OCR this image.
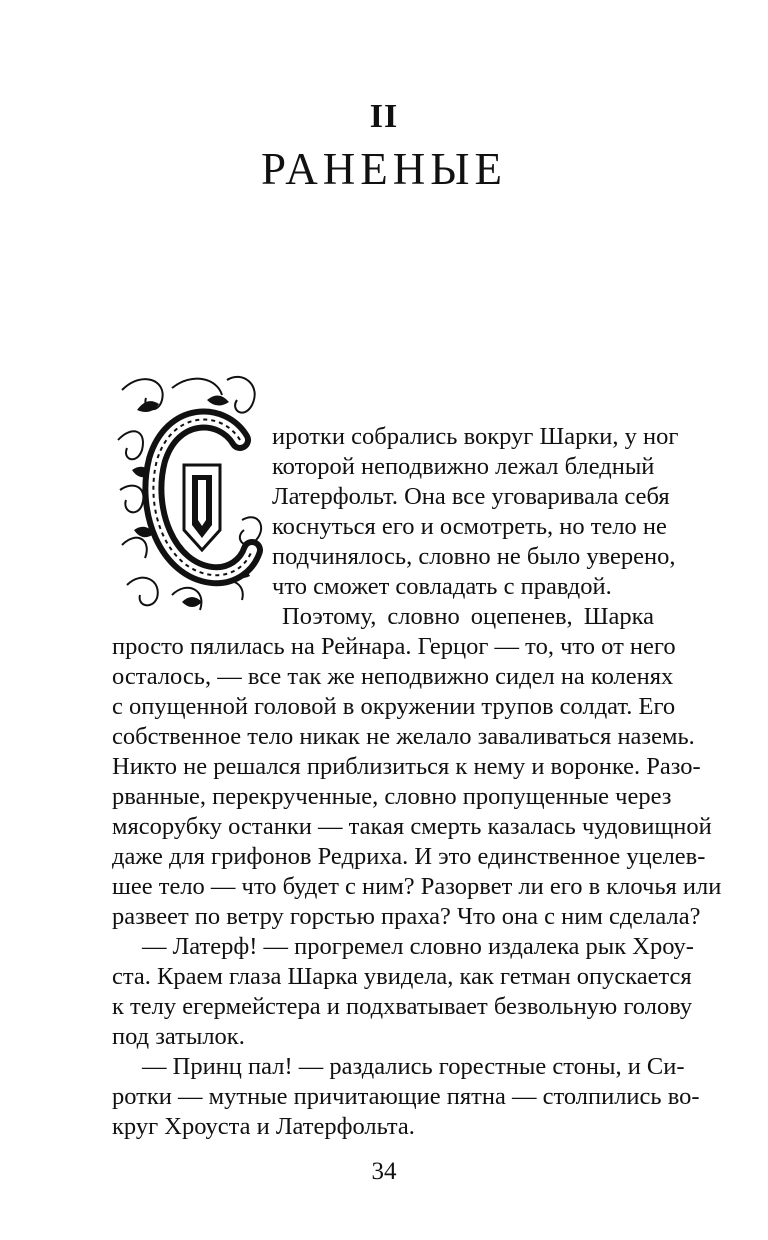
II
РАНЕНЫЕ
иротки собрались вокруг Шарки, у ног
которой неподвижно лежал бледный
Латерфольт. Она все уговаривала себя
коснуться его и осмотреть, но тело не
подчинялось, словно не было уверено,
что сможет совладать с правдой.
Поэтому, словно оцепенев, Шарка
просто пялилась на Рейнара. Герцог — то, что от него
осталось, — все так же неподвижно сидел на коленях
с опущенной головой в окружении трупов солдат. Его
собственное тело никак не желало заваливаться наземь.
Никто не решался приблизиться к нему и воронке. Разо-
рванные, перекрученные, словно пропущенные через
мясорубку останки — такая смерть казалась чудовищной
даже для грифонов Редриха. И это единственное уцелев-
шее тело — что будет с ним? Разорвет ли его в клочья или
развеет по ветру горстью праха? Что она с ним сделала?
— Латерф! — прогремел словно издалека рык Хроу-
ста. Краем глаза Шарка увидела, как гетман опускается
к телу егермейстера и подхватывает безвольную голову
под затылок.
— Принц пал! — раздались горестные стоны, и Си-
ротки — мутные причитающие пятна — столпились во-
круг Хроуста и Латерфольта.
34
